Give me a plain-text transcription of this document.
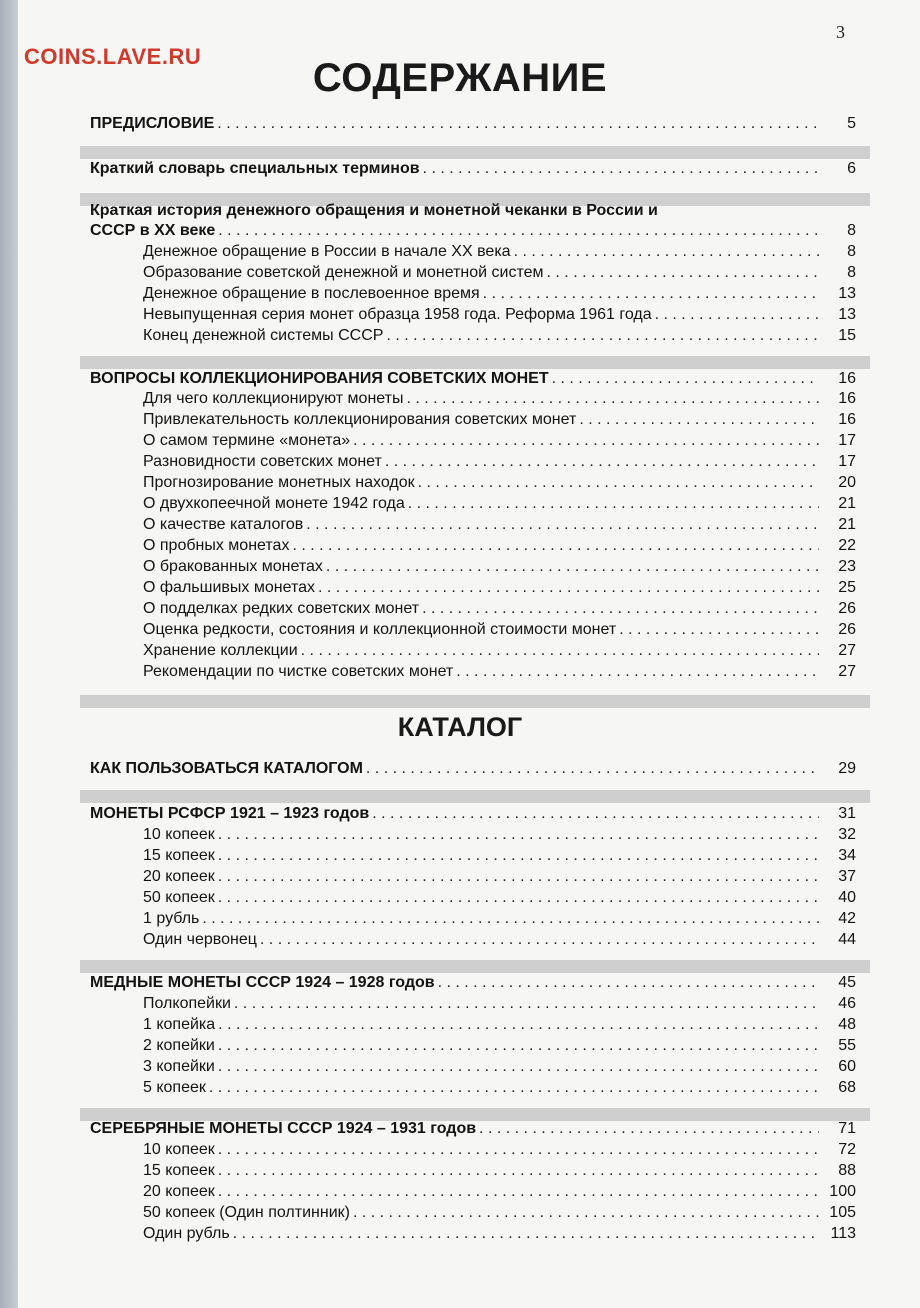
COINS.LAVE.RU
3
СОДЕРЖАНИЕ
КАТАЛОГ
ПРЕДИСЛОВИЕ . . .	5
Краткий словарь специальных терминов . . .	6
Краткая история денежного обращения и монетной чеканки в России и
СССР в XX веке . . .	8
Денежное обращение в России в начале XX века . . .	8
Образование советской денежной и монетной систем . . .	8
Денежное обращение в послевоенное время . . .	13
Невыпущенная серия монет образца 1958 года. Реформа 1961 года . . .	13
Конец денежной системы СССР . . .	15
ВОПРОСЫ КОЛЛЕКЦИОНИРОВАНИЯ СОВЕТСКИХ МОНЕТ . . .	16
Для чего коллекционируют монеты . . .	16
Привлекательность коллекционирования советских монет . . .	16
О самом термине «монета» . . .	17
Разновидности советских монет . . .	17
Прогнозирование монетных находок . . .	20
О двухкопеечной монете 1942 года . . .	21
О качестве каталогов . . .	21
О пробных монетах . . .	22
О бракованных монетах . . .	23
О фальшивых монетах . . .	25
О подделках редких советских монет . . .	26
Оценка редкости, состояния и коллекционной стоимости монет . . .	26
Хранение коллекции . . .	27
Рекомендации по чистке советских монет . . .	27
КАК ПОЛЬЗОВАТЬСЯ КАТАЛОГОМ . . .	29
МОНЕТЫ РСФСР 1921 – 1923 годов . . .	31
10 копеек . . .	32
15 копеек . . .	34
20 копеек . . .	37
50 копеек . . .	40
1 рубль . . .	42
Один червонец . . .	44
МЕДНЫЕ МОНЕТЫ СССР 1924 – 1928 годов . . .	45
Полкопейки . . .	46
1 копейка . . .	48
2 копейки . . .	55
3 копейки . . .	60
5 копеек . . .	68
СЕРЕБРЯНЫЕ МОНЕТЫ СССР 1924 – 1931 годов . . .	71
10 копеек . . .	72
15 копеек . . .	88
20 копеек . . .	100
50 копеек (Один полтинник) . . .	105
Один рубль . . .	113
